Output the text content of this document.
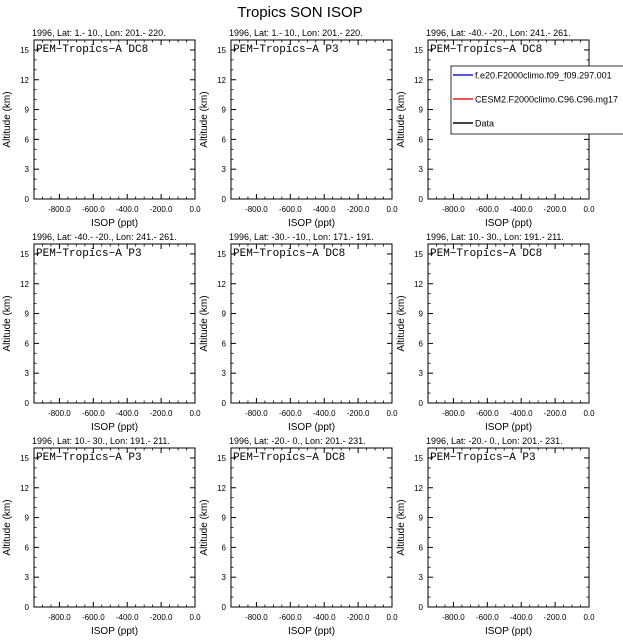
Tropics SON ISOP
1996, Lat: 1.- 10., Lon: 201.- 220.
PEM−Tropics−A DC8
0
3
6
9
12
15
-800.0 -600.0 -400.0 -200.0 0.0
ISOP (ppt)
Altitude (km)
1996, Lat: 1.- 10., Lon: 201.- 220.
PEM−Tropics−A P3
0
3
6
9
12
15
-800.0 -600.0 -400.0 -200.0 0.0
ISOP (ppt)
Altitude (km)
1996, Lat: -40.- -20., Lon: 241.- 261.
PEM−Tropics−A DC8
0
3
6
9
12
15
-800.0 -600.0 -400.0 -200.0 0.0
ISOP (ppt)
Altitude (km)
1996, Lat: -40.- -20., Lon: 241.- 261.
PEM−Tropics−A P3
0
3
6
9
12
15
-800.0 -600.0 -400.0 -200.0 0.0
ISOP (ppt)
Altitude (km)
1996, Lat: -30.- -10., Lon: 171.- 191.
PEM−Tropics−A DC8
0
3
6
9
12
15
-800.0 -600.0 -400.0 -200.0 0.0
ISOP (ppt)
Altitude (km)
1996, Lat: 10.- 30., Lon: 191.- 211.
PEM−Tropics−A DC8
0
3
6
9
12
15
-800.0 -600.0 -400.0 -200.0 0.0
ISOP (ppt)
Altitude (km)
1996, Lat: 10.- 30., Lon: 191.- 211.
PEM−Tropics−A P3
0
3
6
9
12
15
-800.0 -600.0 -400.0 -200.0 0.0
ISOP (ppt)
Altitude (km)
1996, Lat: -20.- 0., Lon: 201.- 231.
PEM−Tropics−A DC8
0
3
6
9
12
15
-800.0 -600.0 -400.0 -200.0 0.0
ISOP (ppt)
Altitude (km)
1996, Lat: -20.- 0., Lon: 201.- 231.
PEM−Tropics−A P3
0
3
6
9
12
15
-800.0 -600.0 -400.0 -200.0 0.0
ISOP (ppt)
Altitude (km)
f.e20.F2000climo.f09_f09.297.001
CESM2.F2000climo.C96.C96.mg17
Data
